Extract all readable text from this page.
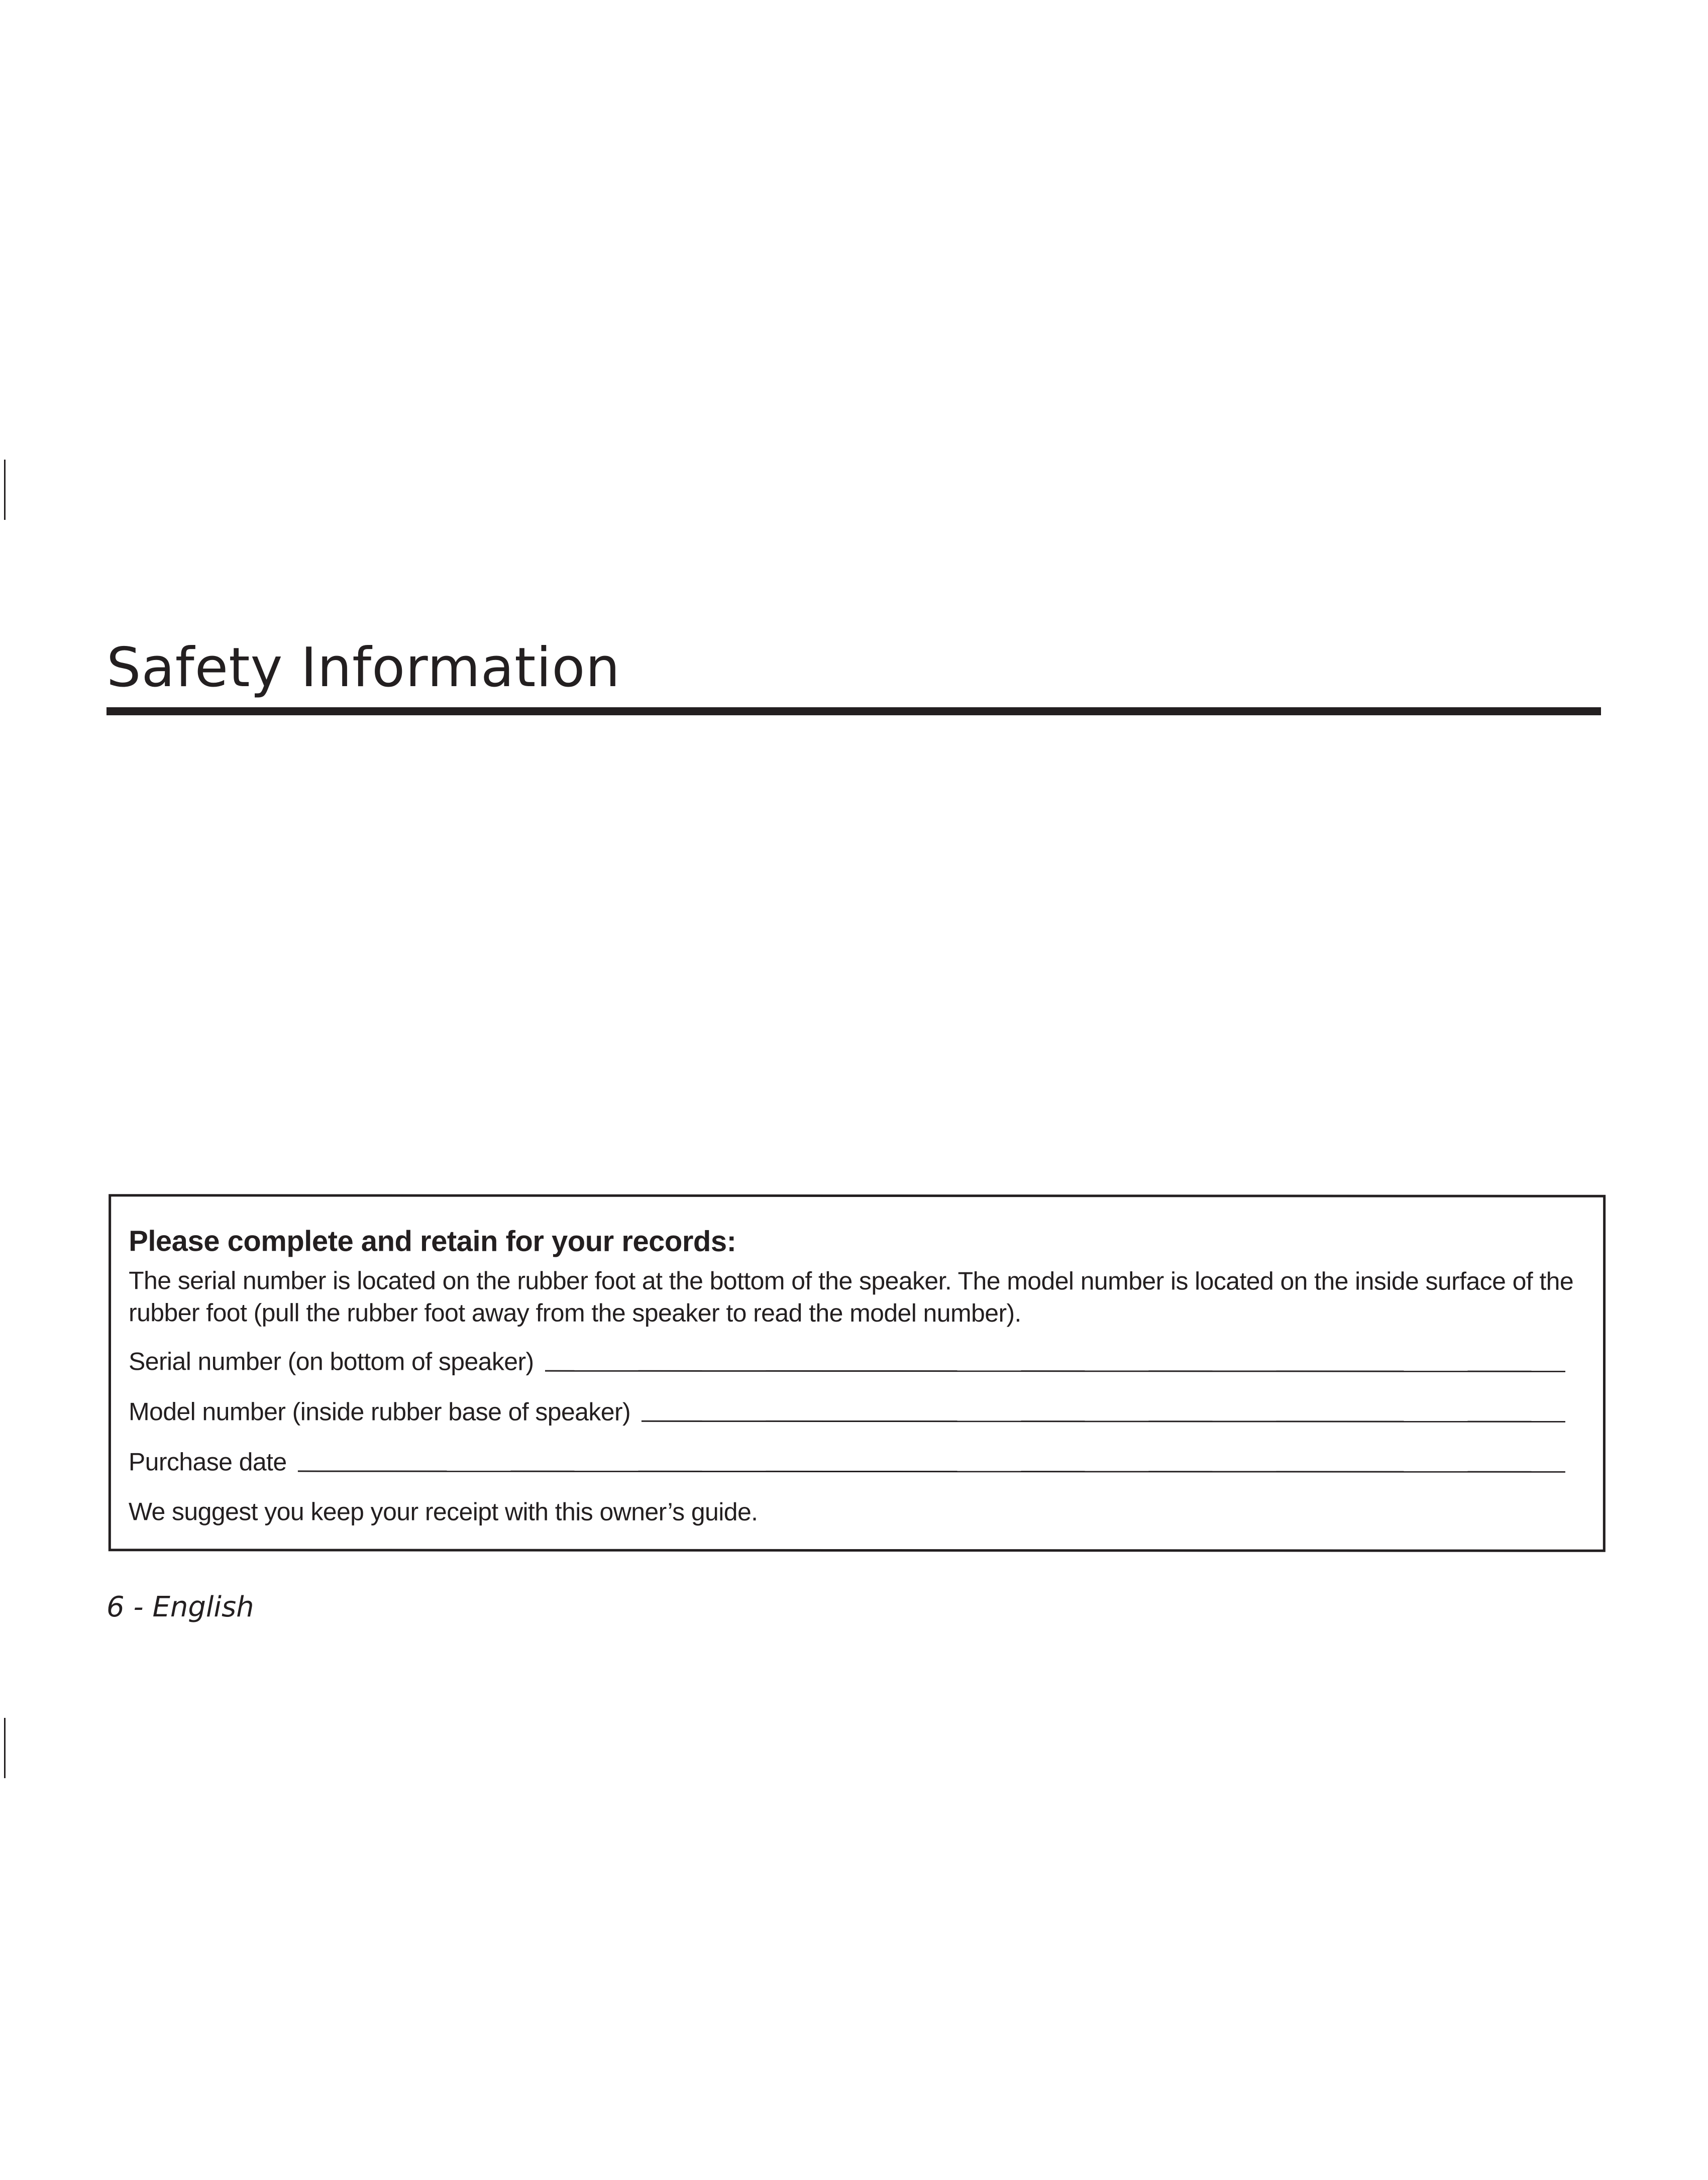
Safety Information

Please complete and retain for your records:

The serial number is located on the rubber foot at the bottom of the speaker. The model number is located on the inside surface of the rubber foot (pull the rubber foot away from the speaker to read the model number).

Serial number (on bottom of speaker)
Model number (inside rubber base of speaker)
Purchase date

We suggest you keep your receipt with this owner’s guide.

6 - English
